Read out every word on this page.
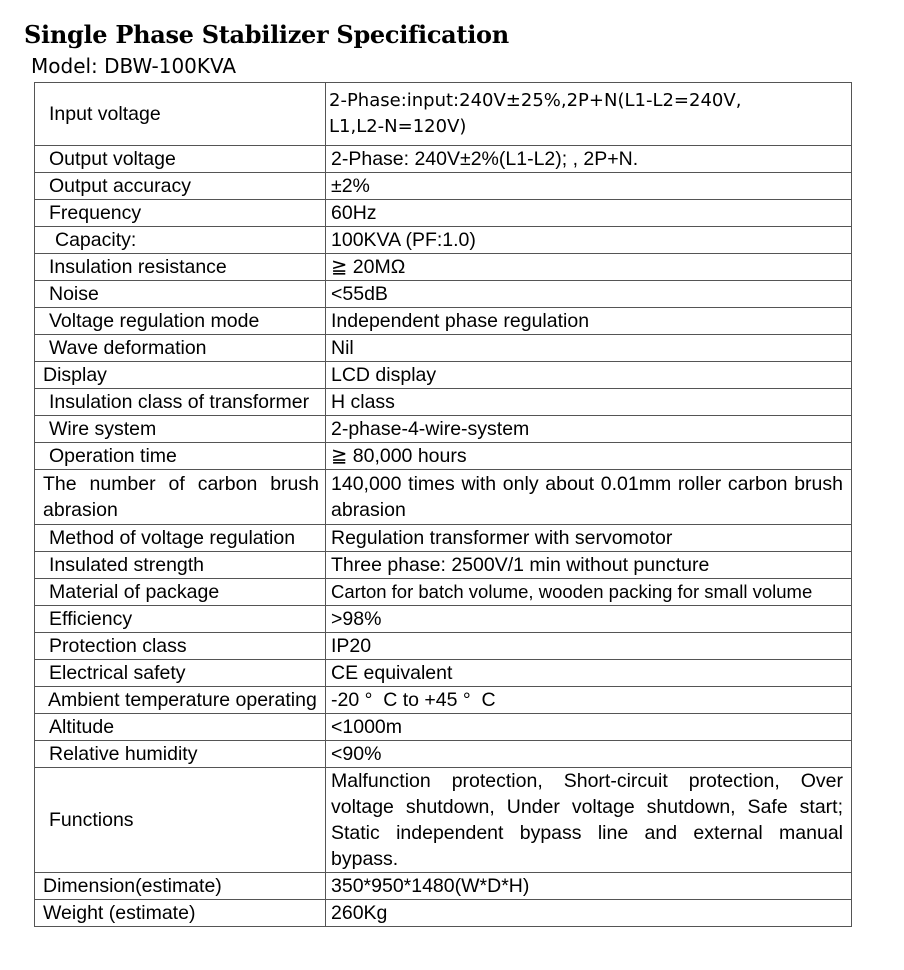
Single Phase Stabilizer Specification
Model: DBW-100KVA
Input voltage	2-Phase:input:240V±25%,2P+N(L1-L2=240V,
L1,L2-N=120V)

Output voltage	2-Phase: 240V±2%(L1-L2); , 2P+N.
Output accuracy	±2%
Frequency	60Hz
Capacity:	100KVA (PF:1.0)
Insulation resistance	≧ 20MΩ
Noise	<55dB
Voltage regulation mode	Independent phase regulation
Wave deformation	Nil
Display	LCD display
Insulation class of transformer	H class
Wire system	2-phase-4-wire-system
Operation time	≧ 80,000 hours
The number of carbon brush abrasion	140,000 times with only about 0.01mm roller carbon brush abrasion
Method of voltage regulation	Regulation transformer with servomotor
Insulated strength	Three phase: 2500V/1 min without puncture
Material of package	Carton for batch volume, wooden packing for small volume
Efficiency	>98%
Protection class	IP20
Electrical safety	CE equivalent
Ambient temperature operating	-20 °  C to +45 °  C
Altitude	<1000m
Relative humidity	<90%
Functions	Malfunction protection, Short-circuit protection, Over voltage shutdown, Under voltage shutdown, Safe start; Static independent bypass line and external manual bypass.
Dimension(estimate)	350*950*1480(W*D*H)
Weight (estimate)	260Kg
